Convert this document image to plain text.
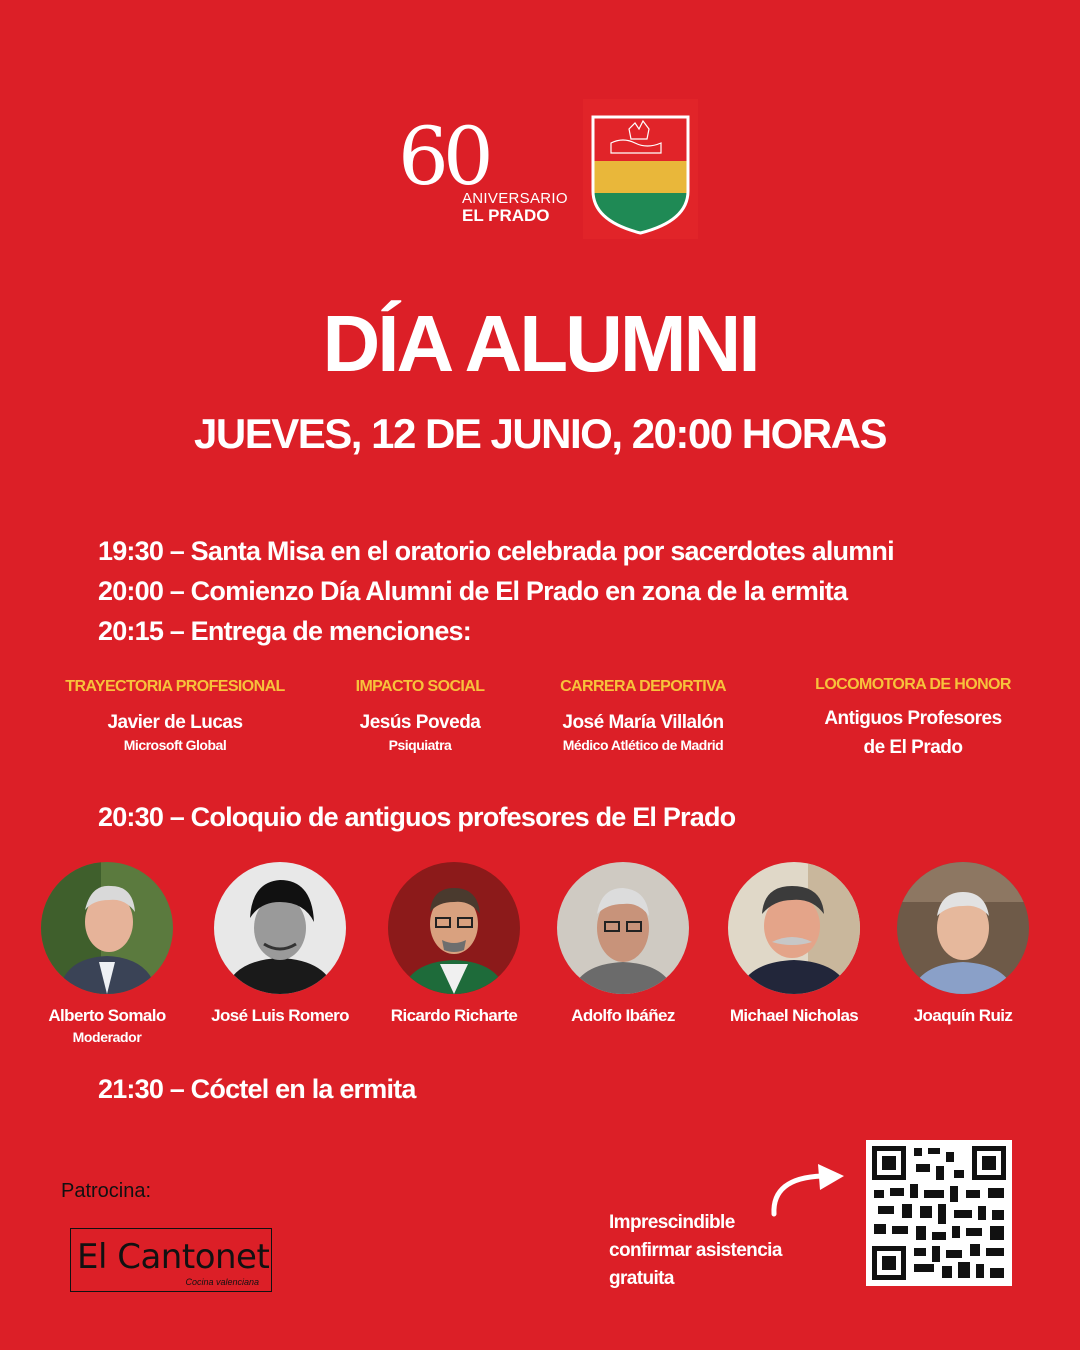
60
ANIVERSARIO
EL PRADO
DÍA ALUMNI
JUEVES, 12 DE JUNIO, 20:00 HORAS
19:30 – Santa Misa en el oratorio celebrada por sacerdotes alumni
20:00 – Comienzo Día Alumni de El Prado en zona de la ermita
20:15 – Entrega de menciones:
TRAYECTORIA PROFESIONAL
Javier de Lucas
Microsoft Global
IMPACTO SOCIAL
Jesús Poveda
Psiquiatra
CARRERA DEPORTIVA
José María Villalón
Médico Atlético de Madrid
LOCOMOTORA DE HONOR
Antiguos Profesores
de El Prado
20:30 – Coloquio de antiguos profesores de El Prado
Alberto Somalo
Moderador
José Luis Romero	Ricardo Richarte	Adolfo Ibáñez	Michael Nicholas	Joaquín Ruiz
21:30 – Cóctel en la ermita
Patrocina:
El Cantonet
Cocina valenciana
Imprescindible
confirmar asistencia
gratuita
